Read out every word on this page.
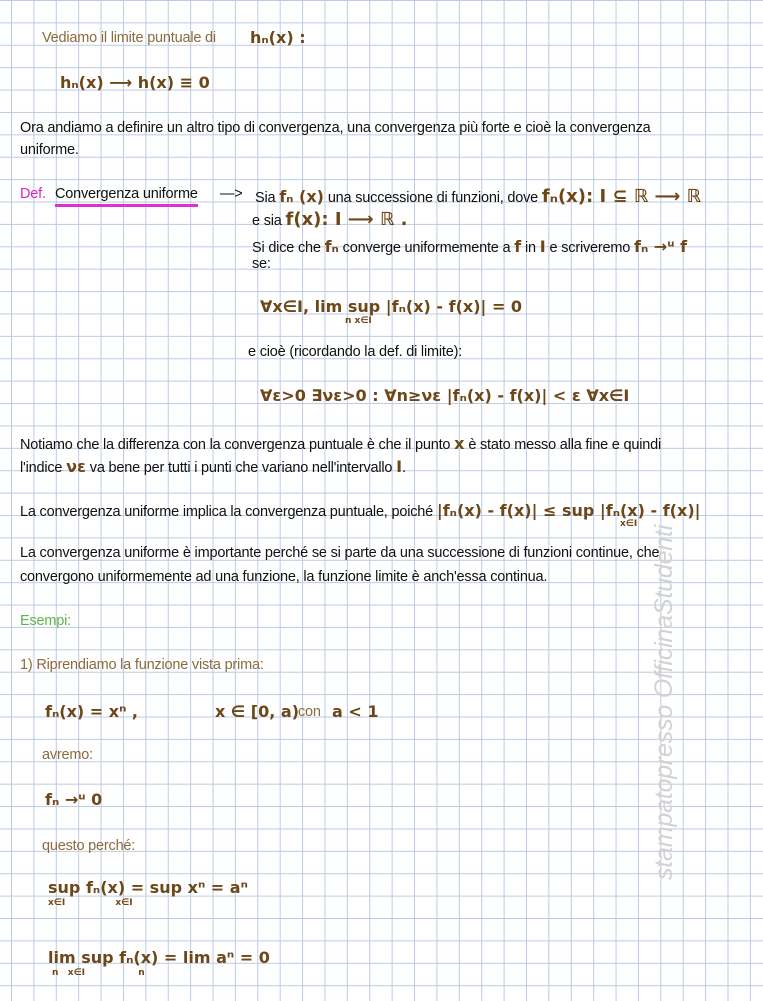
Vediamo il limite puntuale di hₙ(x) :
hₙ(x) ⟶ h(x) ≡ 0
Ora andiamo a definire un altro tipo di convergenza, una convergenza più forte e cioè la convergenza
uniforme.
Def. Convergenza uniforme —> Sia fₙ (x) una successione di funzioni, dove fₙ(x): I ⊆ ℝ ⟶ ℝ
e sia f(x): I ⟶ ℝ .
Si dice che fₙ converge uniformemente a f in I e scriveremo fₙ →ᵘ f
se:
∀x∈I, lim sup |fₙ(x) - f(x)| = 0
n x∈I
e cioè (ricordando la def. di limite):
∀ε>0 ∃νε>0 : ∀n≥νε |fₙ(x) - f(x)| < ε ∀x∈I
Notiamo che la differenza con la convergenza puntuale è che il punto x è stato messo alla fine e quindi
l'indice νε va bene per tutti i punti che variano nell'intervallo I.
La convergenza uniforme implica la convergenza puntuale, poiché |fₙ(x) - f(x)| ≤ sup |fₙ(x) - f(x)|
x∈I
La convergenza uniforme è importante perché se si parte da una successione di funzioni continue, che
convergono uniformemente ad una funzione, la funzione limite è anch'essa continua.
Esempi:
1) Riprendiamo la funzione vista prima:
fₙ(x) = xⁿ ,	x ∈ [0, a)
con a < 1
avremo:
fₙ →ᵘ 0
questo perché:
sup fₙ(x) = sup xⁿ = aⁿ
x∈I                x∈I
lim sup fₙ(x) = lim aⁿ = 0
n   x∈I                 n
stampatopresso OfficinaStudenti
